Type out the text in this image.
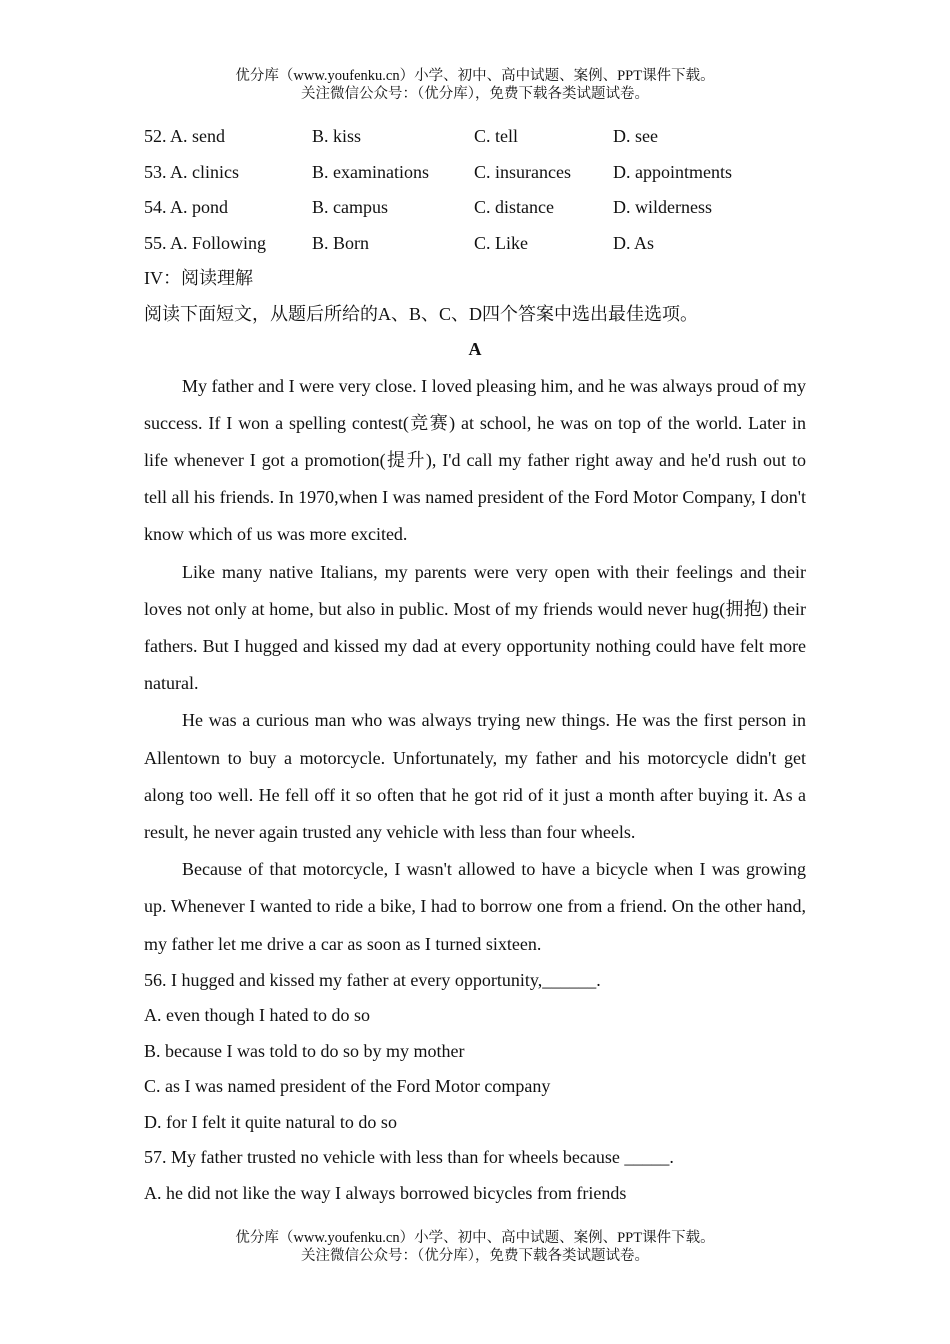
优分库（www.youfenku.cn）小学、初中、高中试题、案例、PPT课件下载。
关注微信公众号：（优分库），免费下载各类试题试卷。
52. A. send	B. kiss	C. tell	D. see
53. A. clinics	B. examinations	C. insurances D. appointments
54. A. pond	B. campus	C. distance	D. wilderness
55. A. Following	B. Born	C. Like	D. As
IV：阅读理解
阅读下面短文，从题后所给的A、B、C、D四个答案中选出最佳选项。
A

My father and I were very close. I loved pleasing him, and he was always proud of my success. If I won a spelling contest(竞赛) at school, he was on top of the world. Later in life whenever I got a promotion(提升), I'd call my father right away and he'd rush out to tell all his friends. In 1970,when I was named president of the Ford Motor Company, I don't know which of us was more excited.

Like many native Italians, my parents were very open with their feelings and their loves not only at home, but also in public. Most of my friends would never hug(拥抱) their fathers. But I hugged and kissed my dad at every opportunity nothing could have felt more natural.

He was a curious man who was always trying new things. He was the first person in Allentown to buy a motorcycle. Unfortunately, my father and his motorcycle didn't get along too well. He fell off it so often that he got rid of it just a month after buying it. As a result, he never again trusted any vehicle with less than four wheels.

Because of that motorcycle, I wasn't allowed to have a bicycle when I was growing up. Whenever I wanted to ride a bike, I had to borrow one from a friend. On the other hand, my father let me drive a car as soon as I turned sixteen.

56. I hugged and kissed my father at every opportunity,______.
A. even though I hated to do so
B. because I was told to do so by my mother
C. as I was named president of the Ford Motor company
D. for I felt it quite natural to do so
57. My father trusted no vehicle with less than for wheels because _____.
A. he did not like the way I always borrowed bicycles from friends
优分库（www.youfenku.cn）小学、初中、高中试题、案例、PPT课件下载。
关注微信公众号：（优分库），免费下载各类试题试卷。
